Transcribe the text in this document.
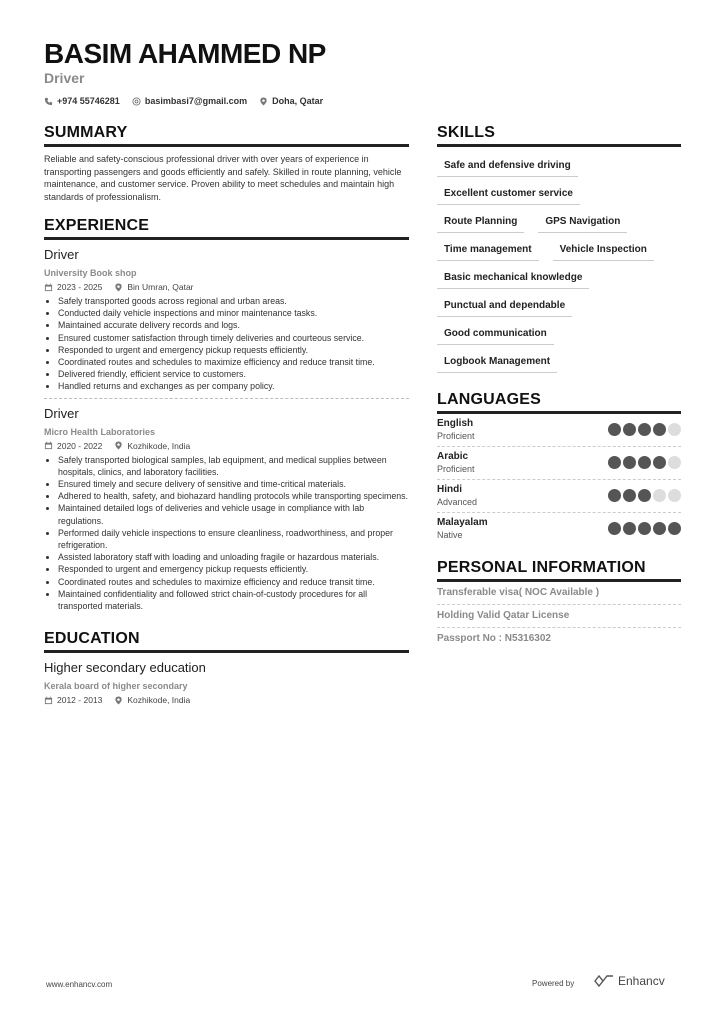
BASIM AHAMMED NP
Driver
+974 55746281	basimbasi7@gmail.com	Doha, Qatar
SUMMARY

Reliable and safety-conscious professional driver with over years of experience in transporting passengers and goods efficiently and safely. Skilled in route planning, vehicle maintenance, and customer service. Proven ability to meet schedules and maintain high standards of professionalism.

EXPERIENCE
Driver
University Book shop
2023 - 2025	Bin Umran, Qatar
• Safely transported goods across regional and urban areas.
• Conducted daily vehicle inspections and minor maintenance tasks.
• Maintained accurate delivery records and logs.
• Ensured customer satisfaction through timely deliveries and courteous service.
• Responded to urgent and emergency pickup requests efficiently.
• Coordinated routes and schedules to maximize efficiency and reduce transit time.
• Delivered friendly, efficient service to customers.
• Handled returns and exchanges as per company policy.
Driver
Micro Health Laboratories
2020 - 2022	Kozhikode, India
• Safely transported biological samples, lab equipment, and medical supplies between hospitals, clinics, and laboratory facilities.
• Ensured timely and secure delivery of sensitive and time-critical materials.
• Adhered to health, safety, and biohazard handling protocols while transporting specimens.
• Maintained detailed logs of deliveries and vehicle usage in compliance with lab regulations.
• Performed daily vehicle inspections to ensure cleanliness, roadworthiness, and proper refrigeration.
• Assisted laboratory staff with loading and unloading fragile or hazardous materials.
• Responded to urgent and emergency pickup requests efficiently.
• Coordinated routes and schedules to maximize efficiency and reduce transit time.
• Maintained confidentiality and followed strict chain-of-custody procedures for all transported materials.
EDUCATION
Higher secondary education
Kerala board of higher secondary
2012 - 2013	Kozhikode, India
SKILLS
Safe and defensive driving
Excellent customer service
Route Planning	GPS Navigation
Time management	Vehicle Inspection
Basic mechanical knowledge
Punctual and dependable
Good communication
Logbook Management
LANGUAGES
English
Proficient
Arabic
Proficient
Hindi
Advanced
Malayalam
Native
PERSONAL INFORMATION
Transferable visa( NOC Available )
Holding Valid Qatar License
Passport No : N5316302
www.enhancv.com	Powered by	Enhancv
